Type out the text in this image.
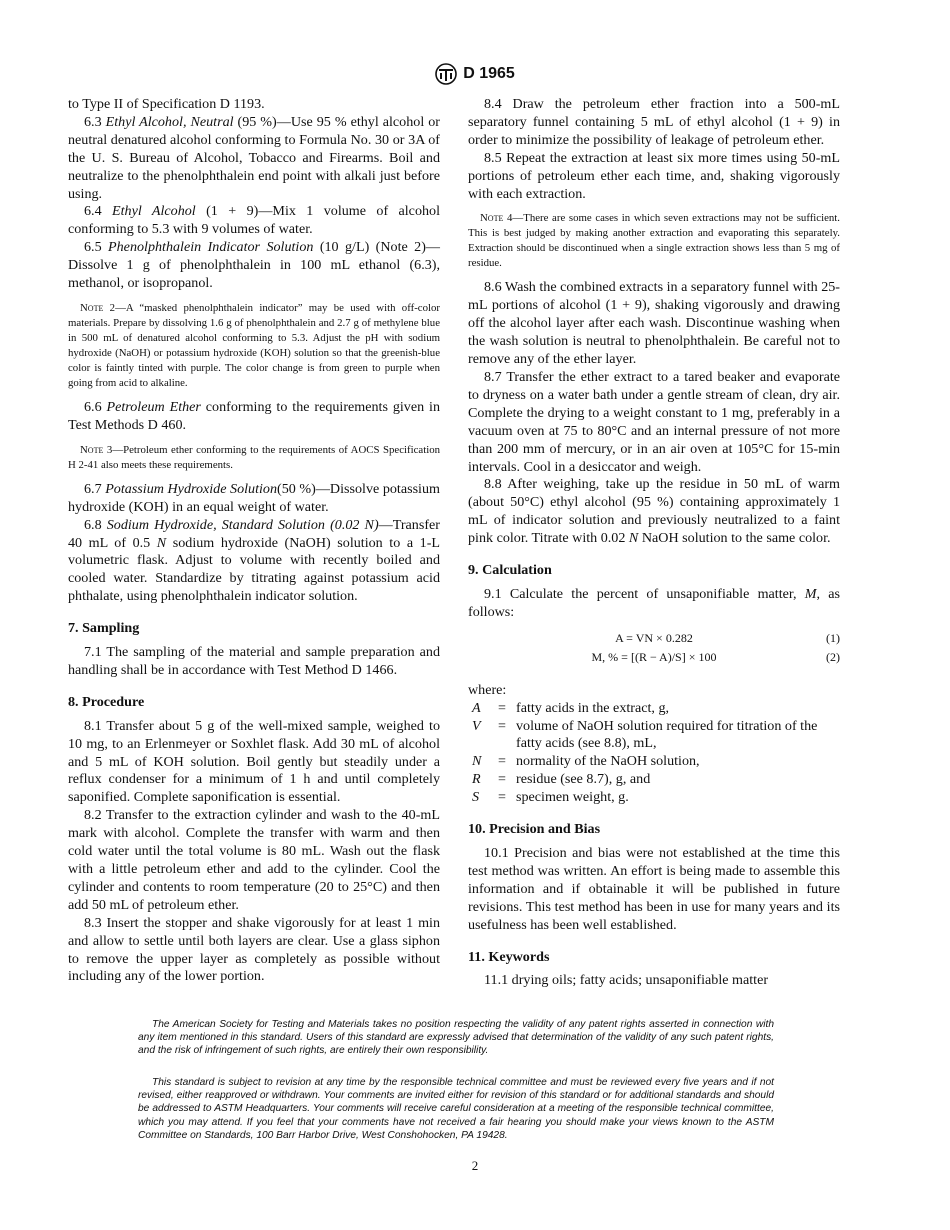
D 1965

to Type II of Specification D 1193.

6.3 Ethyl Alcohol, Neutral (95 %)—Use 95 % ethyl alcohol or neutral denatured alcohol conforming to Formula No. 30 or 3A of the U. S. Bureau of Alcohol, Tobacco and Firearms. Boil and neutralize to the phenolphthalein end point with alkali just before using.

6.4 Ethyl Alcohol (1 + 9)—Mix 1 volume of alcohol conforming to 5.3 with 9 volumes of water.

6.5 Phenolphthalein Indicator Solution (10 g/L) (Note 2)—Dissolve 1 g of phenolphthalein in 100 mL ethanol (6.3), methanol, or isopropanol.

Note 2—A “masked phenolphthalein indicator” may be used with off-color materials. Prepare by dissolving 1.6 g of phenolphthalein and 2.7 g of methylene blue in 500 mL of denatured alcohol conforming to 5.3. Adjust the pH with sodium hydroxide (NaOH) or potassium hydroxide (KOH) solution so that the greenish-blue color is faintly tinted with purple. The color change is from green to purple when going from acid to alkaline.

6.6 Petroleum Ether conforming to the requirements given in Test Methods D 460.

Note 3—Petroleum ether conforming to the requirements of AOCS Specification H 2-41 also meets these requirements.

6.7 Potassium Hydroxide Solution(50 %)—Dissolve potassium hydroxide (KOH) in an equal weight of water.

6.8 Sodium Hydroxide, Standard Solution (0.02 N)—Transfer 40 mL of 0.5 N sodium hydroxide (NaOH) solution to a 1-L volumetric flask. Adjust to volume with recently boiled and cooled water. Standardize by titrating against potassium acid phthalate, using phenolphthalein indicator solution.

7. Sampling

7.1 The sampling of the material and sample preparation and handling shall be in accordance with Test Method D 1466.

8. Procedure

8.1 Transfer about 5 g of the well-mixed sample, weighed to 10 mg, to an Erlenmeyer or Soxhlet flask. Add 30 mL of alcohol and 5 mL of KOH solution. Boil gently but steadily under a reflux condenser for a minimum of 1 h and until completely saponified. Complete saponification is essential.

8.2 Transfer to the extraction cylinder and wash to the 40-mL mark with alcohol. Complete the transfer with warm and then cold water until the total volume is 80 mL. Wash out the flask with a little petroleum ether and add to the cylinder. Cool the cylinder and contents to room temperature (20 to 25°C) and then add 50 mL of petroleum ether.

8.3 Insert the stopper and shake vigorously for at least 1 min and allow to settle until both layers are clear. Use a glass siphon to remove the upper layer as completely as possible without including any of the lower portion.

8.4 Draw the petroleum ether fraction into a 500-mL separatory funnel containing 5 mL of ethyl alcohol (1 + 9) in order to minimize the possibility of leakage of petroleum ether.

8.5 Repeat the extraction at least six more times using 50-mL portions of petroleum ether each time, and, shaking vigorously with each extraction.

Note 4—There are some cases in which seven extractions may not be sufficient. This is best judged by making another extraction and evaporating this separately. Extraction should be discontinued when a single extraction shows less than 5 mg of residue.

8.6 Wash the combined extracts in a separatory funnel with 25-mL portions of alcohol (1 + 9), shaking vigorously and drawing off the alcohol layer after each wash. Discontinue washing when the wash solution is neutral to phenolphthalein. Be careful not to remove any of the ether layer.

8.7 Transfer the ether extract to a tared beaker and evaporate to dryness on a water bath under a gentle stream of clean, dry air. Complete the drying to a weight constant to 1 mg, preferably in a vacuum oven at 75 to 80°C and an internal pressure of not more than 200 mm of mercury, or in an air oven at 105°C for 15-min intervals. Cool in a desiccator and weigh.

8.8 After weighing, take up the residue in 50 mL of warm (about 50°C) ethyl alcohol (95 %) containing approximately 1 mL of indicator solution and previously neutralized to a faint pink color. Titrate with 0.02 N NaOH solution to the same color.

9. Calculation

9.1 Calculate the percent of unsaponifiable matter, M, as follows:

A = VN × 0.282	(1)
M, % = [(R − A)/S] × 100	(2)

where:

A	=	fatty acids in the extract, g,
V	=	volume of NaOH solution required for titration of the fatty acids (see 8.8), mL,
N	=	normality of the NaOH solution,
R	=	residue (see 8.7), g, and
S	=	specimen weight, g.
10. Precision and Bias

10.1 Precision and bias were not established at the time this test method was written. An effort is being made to assemble this information and if obtainable it will be published in future revisions. This test method has been in use for many years and its usefulness has been well established.

11. Keywords

11.1 drying oils; fatty acids; unsaponifiable matter

The American Society for Testing and Materials takes no position respecting the validity of any patent rights asserted in connection with any item mentioned in this standard. Users of this standard are expressly advised that determination of the validity of any such patent rights, and the risk of infringement of such rights, are entirely their own responsibility.

This standard is subject to revision at any time by the responsible technical committee and must be reviewed every five years and if not revised, either reapproved or withdrawn. Your comments are invited either for revision of this standard or for additional standards and should be addressed to ASTM Headquarters. Your comments will receive careful consideration at a meeting of the responsible technical committee, which you may attend. If you feel that your comments have not received a fair hearing you should make your views known to the ASTM Committee on Standards, 100 Barr Harbor Drive, West Conshohocken, PA 19428.

2
